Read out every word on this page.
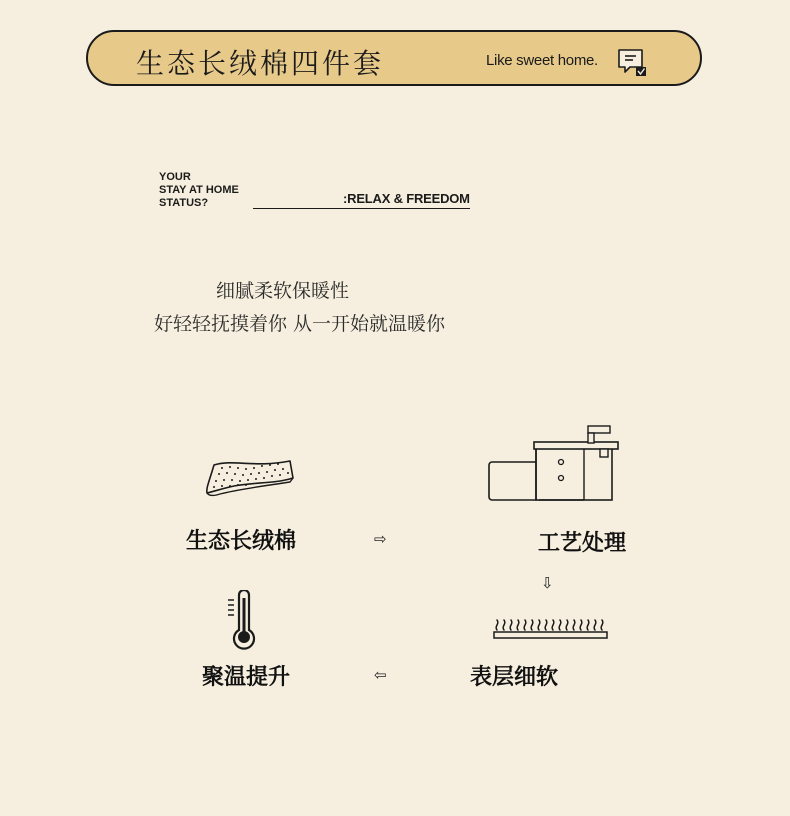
生态长绒棉四件套	Like sweet home.
YOUR
STAY AT HOME
STATUS?	:RELAX & FREEDOM
细腻柔软保暖性
好轻轻抚摸着你 从一开始就温暖你
生态长绒棉	工艺处理
⇨
⇩
⇦	表层细软
聚温提升
